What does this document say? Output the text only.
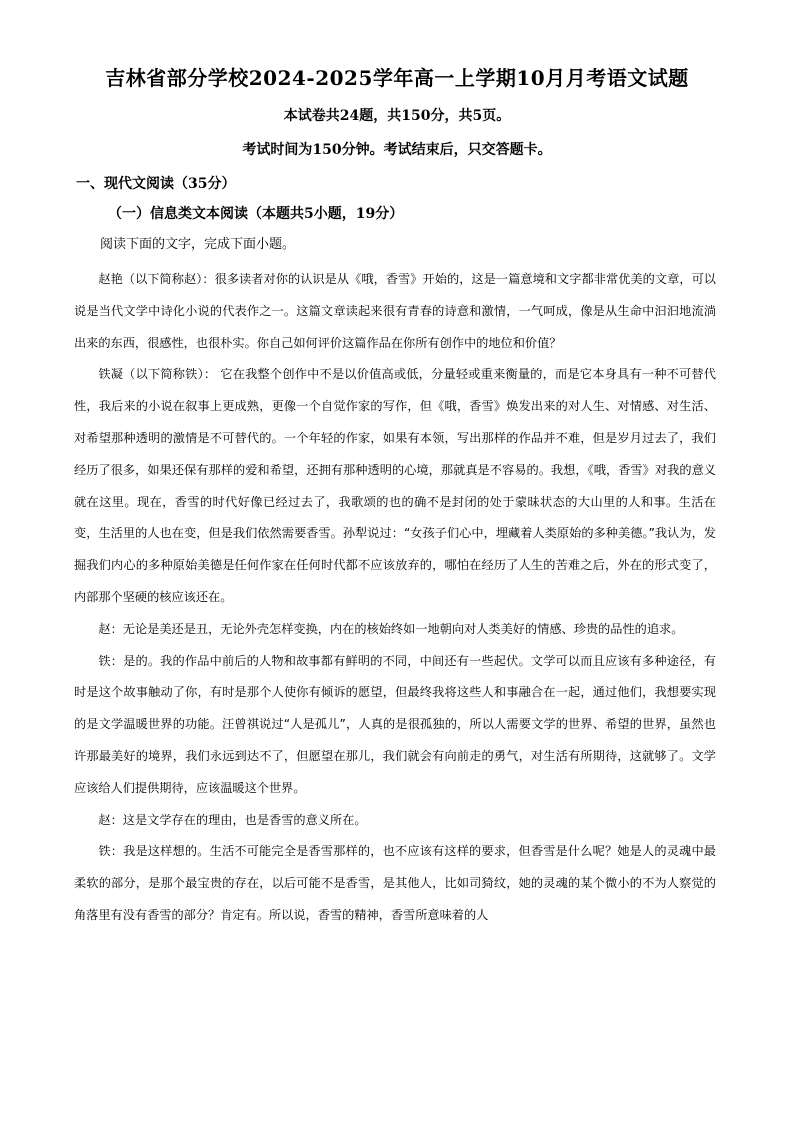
吉林省部分学校2024-2025学年高一上学期10月月考语文试题
本试卷共24题，共150分，共5页。
考试时间为150分钟。考试结束后，只交答题卡。
一、现代文阅读（35分）
（一）信息类文本阅读（本题共5小题，19分）
阅读下面的文字，完成下面小题。

赵艳（以下简称赵）：很多读者对你的认识是从《哦，香雪》开始的，这是一篇意境和文字都非常优美的文章，可以说是当代文学中诗化小说的代表作之一。这篇文章读起来很有青春的诗意和激情，一气呵成，像是从生命中汩汩地流淌出来的东西，很感性，也很朴实。你自己如何评价这篇作品在你所有创作中的地位和价值？

铁凝（以下简称铁）： 它在我整个创作中不是以价值高或低，分量轻或重来衡量的，而是它本身具有一种不可替代性，我后来的小说在叙事上更成熟，更像一个自觉作家的写作，但《哦，香雪》焕发出来的对人生、对情感、对生活、对希望那种透明的激情是不可替代的。一个年轻的作家，如果有本领，写出那样的作品并不难，但是岁月过去了，我们经历了很多，如果还保有那样的爱和希望，还拥有那种透明的心境，那就真是不容易的。我想，《哦，香雪》对我的意义就在这里。现在，香雪的时代好像已经过去了，我歌颂的也的确不是封闭的处于蒙昧状态的大山里的人和事。生活在变，生活里的人也在变，但是我们依然需要香雪。孙犁说过：“女孩子们心中，埋藏着人类原始的多种美德。”我认为，发掘我们内心的多种原始美德是任何作家在任何时代都不应该放弃的，哪怕在经历了人生的苦难之后，外在的形式变了，内部那个坚硬的核应该还在。

赵：无论是美还是丑，无论外壳怎样变换，内在的核始终如一地朝向对人类美好的情感、珍贵的品性的追求。

铁：是的。我的作品中前后的人物和故事都有鲜明的不同，中间还有一些起伏。文学可以而且应该有多种途径，有时是这个故事触动了你，有时是那个人使你有倾诉的愿望，但最终我将这些人和事融合在一起，通过他们，我想要实现的是文学温暖世界的功能。汪曾祺说过“人是孤儿”，人真的是很孤独的，所以人需要文学的世界、希望的世界，虽然也许那最美好的境界，我们永远到达不了，但愿望在那儿，我们就会有向前走的勇气，对生活有所期待，这就够了。文学应该给人们提供期待，应该温暖这个世界。

赵：这是文学存在的理由，也是香雪的意义所在。

铁：我是这样想的。生活不可能完全是香雪那样的，也不应该有这样的要求，但香雪是什么呢？她是人的灵魂中最柔软的部分，是那个最宝贵的存在，以后可能不是香雪，是其他人，比如司猗纹，她的灵魂的某个微小的不为人察觉的角落里有没有香雪的部分？肯定有。所以说，香雪的精神，香雪所意味着的人
